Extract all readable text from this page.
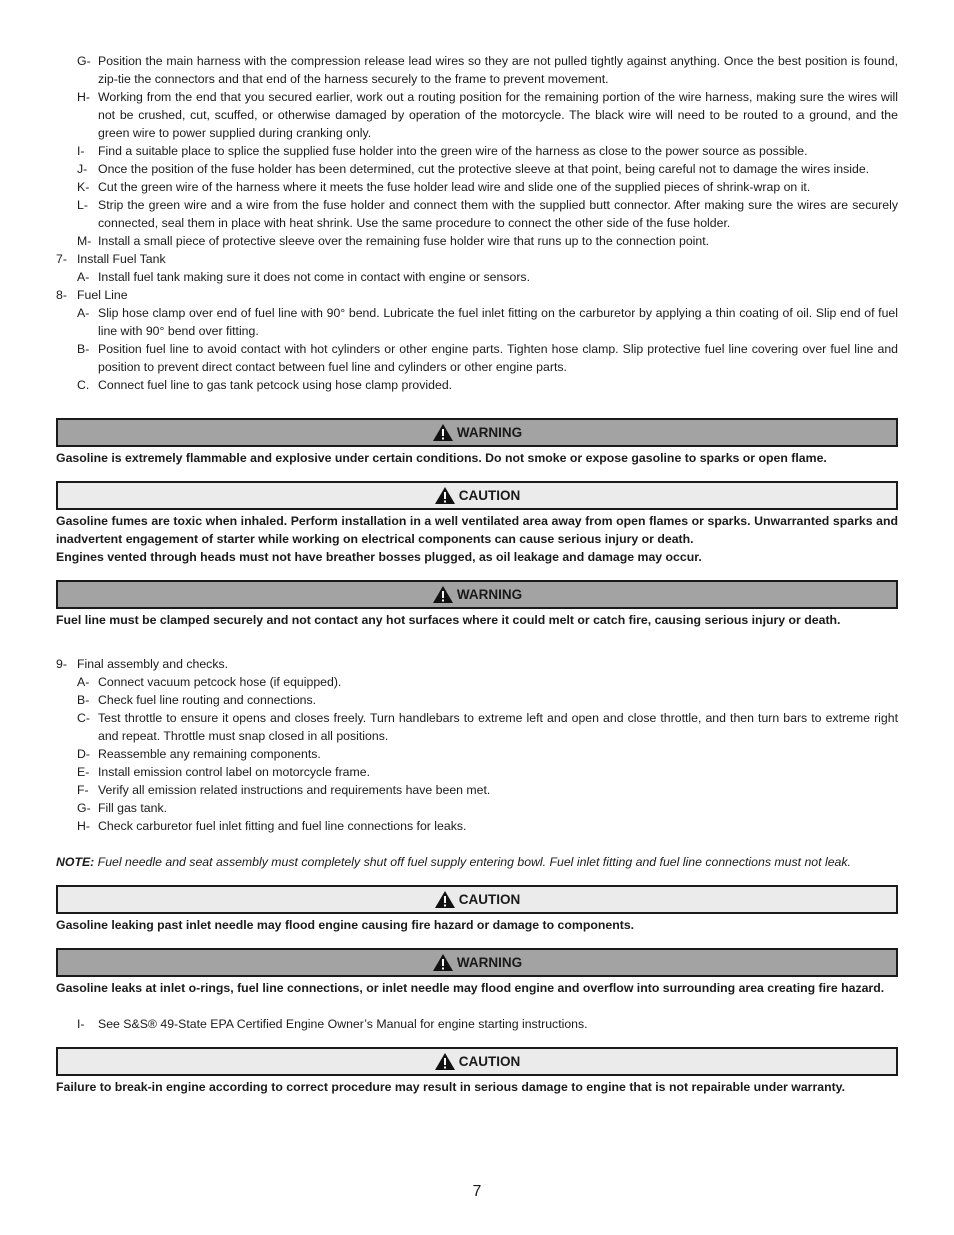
G- Position the main harness with the compression release lead wires so they are not pulled tightly against anything. Once the best position is found, zip-tie the connectors and that end of the harness securely to the frame to prevent movement.
H- Working from the end that you secured earlier, work out a routing position for the remaining portion of the wire harness, making sure the wires will not be crushed, cut, scuffed, or otherwise damaged by operation of the motorcycle. The black wire will need to be routed to a ground, and the green wire to power supplied during cranking only.
I- Find a suitable place to splice the supplied fuse holder into the green wire of the harness as close to the power source as possible.
J- Once the position of the fuse holder has been determined, cut the protective sleeve at that point, being careful not to damage the wires inside.
K- Cut the green wire of the harness where it meets the fuse holder lead wire and slide one of the supplied pieces of shrink-wrap on it.
L- Strip the green wire and a wire from the fuse holder and connect them with the supplied butt connector. After making sure the wires are securely connected, seal them in place with heat shrink. Use the same procedure to connect the other side of the fuse holder.
M- Install a small piece of protective sleeve over the remaining fuse holder wire that runs up to the connection point.
7- Install Fuel Tank
A- Install fuel tank making sure it does not come in contact with engine or sensors.
8- Fuel Line
A- Slip hose clamp over end of fuel line with 90° bend. Lubricate the fuel inlet fitting on the carburetor by applying a thin coating of oil. Slip end of fuel line with 90° bend over fitting.
B- Position fuel line to avoid contact with hot cylinders or other engine parts. Tighten hose clamp. Slip protective fuel line covering over fuel line and position to prevent direct contact between fuel line and cylinders or other engine parts.
C. Connect fuel line to gas tank petcock using hose clamp provided.
WARNING
Gasoline is extremely flammable and explosive under certain conditions. Do not smoke or expose gasoline to sparks or open flame.
CAUTION
Gasoline fumes are toxic when inhaled. Perform installation in a well ventilated area away from open flames or sparks. Unwarranted sparks and inadvertent engagement of starter while working on electrical components can cause serious injury or death.
Engines vented through heads must not have breather bosses plugged, as oil leakage and damage may occur.
WARNING
Fuel line must be clamped securely and not contact any hot surfaces where it could melt or catch fire, causing serious injury or death.
9- Final assembly and checks.
A- Connect vacuum petcock hose (if equipped).
B- Check fuel line routing and connections.
C- Test throttle to ensure it opens and closes freely. Turn handlebars to extreme left and open and close throttle, and then turn bars to extreme right and repeat. Throttle must snap closed in all positions.
D- Reassemble any remaining components.
E- Install emission control label on motorcycle frame.
F- Verify all emission related instructions and requirements have been met.
G- Fill gas tank.
H- Check carburetor fuel inlet fitting and fuel line connections for leaks.
NOTE: Fuel needle and seat assembly must completely shut off fuel supply entering bowl. Fuel inlet fitting and fuel line connections must not leak.
CAUTION
Gasoline leaking past inlet needle may flood engine causing fire hazard or damage to components.
WARNING
Gasoline leaks at inlet o-rings, fuel line connections, or inlet needle may flood engine and overflow into surrounding area creating fire hazard.
I- See S&S® 49-State EPA Certified Engine Owner’s Manual for engine starting instructions.
CAUTION
Failure to break-in engine according to correct procedure may result in serious damage to engine that is not repairable under warranty.
7
